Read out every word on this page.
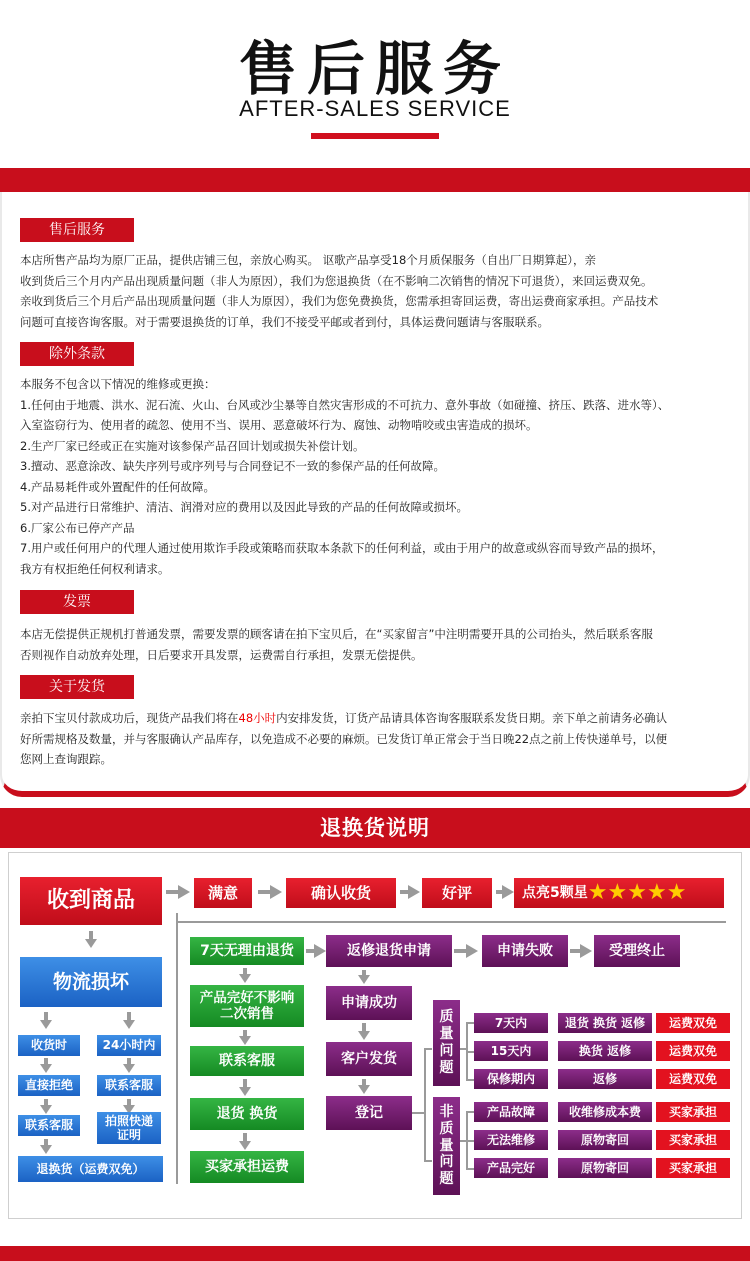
售后服务
AFTER-SALES SERVICE
售后服务
本店所售产品均为原厂正品，提供店铺三包，亲放心购买。 讴歌产品享受18个月质保服务（自出厂日期算起），亲
收到货后三个月内产品出现质量问题（非人为原因），我们为您退换货（在不影响二次销售的情况下可退货），来回运费双免。
亲收到货后三个月后产品出现质量问题（非人为原因），我们为您免费换货，您需承担寄回运费，寄出运费商家承担。产品技术
问题可直接咨询客服。对于需要退换货的订单，我们不接受平邮或者到付，具体运费问题请与客服联系。
除外条款
本服务不包含以下情况的维修或更换：
1.任何由于地震、洪水、泥石流、火山、台风或沙尘暴等自然灾害形成的不可抗力、意外事故（如碰撞、挤压、跌落、进水等）、
入室盗窃行为、使用者的疏忽、使用不当、误用、恶意破坏行为、腐蚀、动物啃咬或虫害造成的损坏。
2.生产厂家已经或正在实施对该参保产品召回计划或损失补偿计划。
3.擅动、恶意涂改、缺失序列号或序列号与合同登记不一致的参保产品的任何故障。
4.产品易耗件或外置配件的任何故障。
5.对产品进行日常维护、清洁、润滑对应的费用以及因此导致的产品的任何故障或损坏。
6.厂家公布已停产产品
7.用户或任何用户的代理人通过使用欺诈手段或策略而获取本条款下的任何利益，或由于用户的故意或纵容而导致产品的损坏，
我方有权拒绝任何权利请求。
发票
本店无偿提供正规机打普通发票，需要发票的顾客请在拍下宝贝后，在“买家留言”中注明需要开具的公司抬头，然后联系客服
否则视作自动放弃处理，日后要求开具发票，运费需自行承担，发票无偿提供。
关于发货
亲拍下宝贝付款成功后，现货产品我们将在48小时内安排发货，订货产品请具体咨询客服联系发货日期。亲下单之前请务必确认
好所需规格及数量，并与客服确认产品库存，以免造成不必要的麻烦。已发货订单正常会于当日晚22点之前上传快递单号，以便
您网上查询跟踪。
退换货说明
收到商品	满意	确认收货	好评	点亮5颗星 ★ ★ ★ ★ ★
物流损坏
收货时	24小时内
直接拒绝	联系客服
联系客服	拍照快递证明
退换货（运费双免）
7天无理由退货
产品完好不影响二次销售
联系客服
退货 换货
买家承担运费
返修退货申请	申请失败	受理终止
申请成功
客户发货
登记
质量问题
7天内	退货 换货 返修	运费双免
15天内	换货 返修	运费双免
保修期内	返修	运费双免
非质量问题
产品故障	收维修成本费	买家承担
无法维修	原物寄回	买家承担
产品完好	原物寄回	买家承担
